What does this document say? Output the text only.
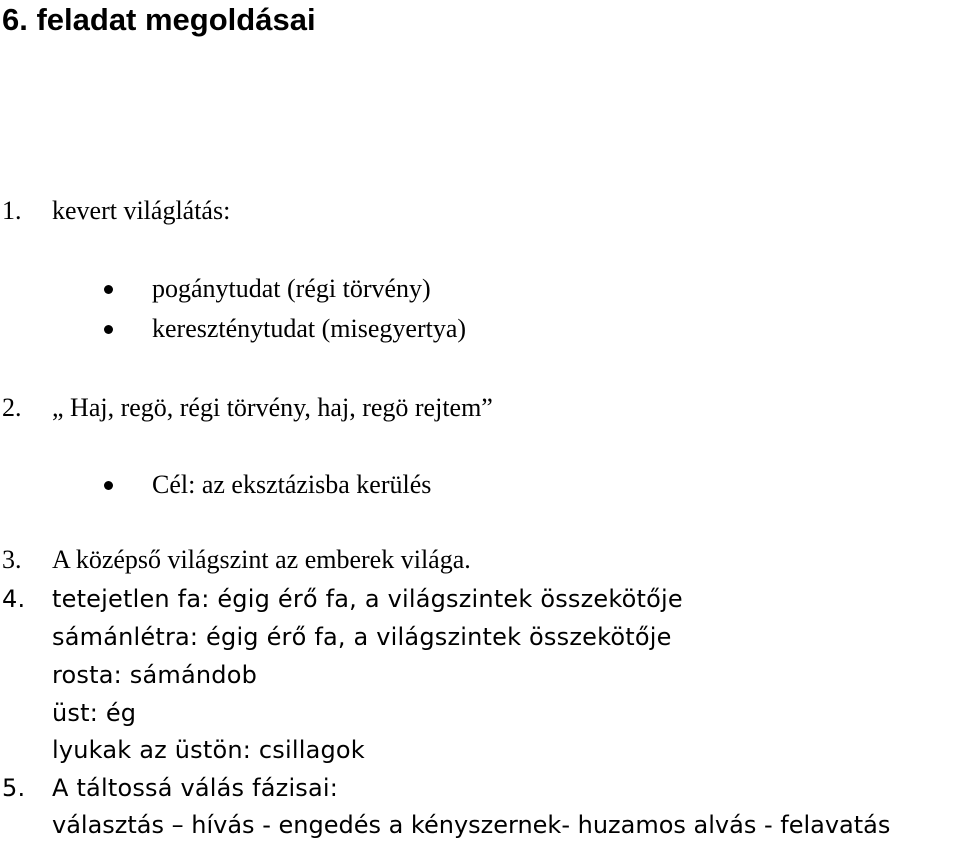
6. feladat megoldásai
1. kevert világlátás:
pogánytudat (régi törvény)
kereszténytudat (misegyertya)
2. „ Haj, regö, régi törvény, haj, regö rejtem”
Cél: az eksztázisba kerülés
3. A középső világszint az emberek világa.
4. tetejetlen fa: égig érő fa, a világszintek összekötője
sámánlétra: égig érő fa, a világszintek összekötője
rosta: sámándob
üst: ég
lyukak az üstön: csillagok
5. A táltossá válás fázisai:
választás – hívás - engedés a kényszernek- huzamos alvás - felavatás
